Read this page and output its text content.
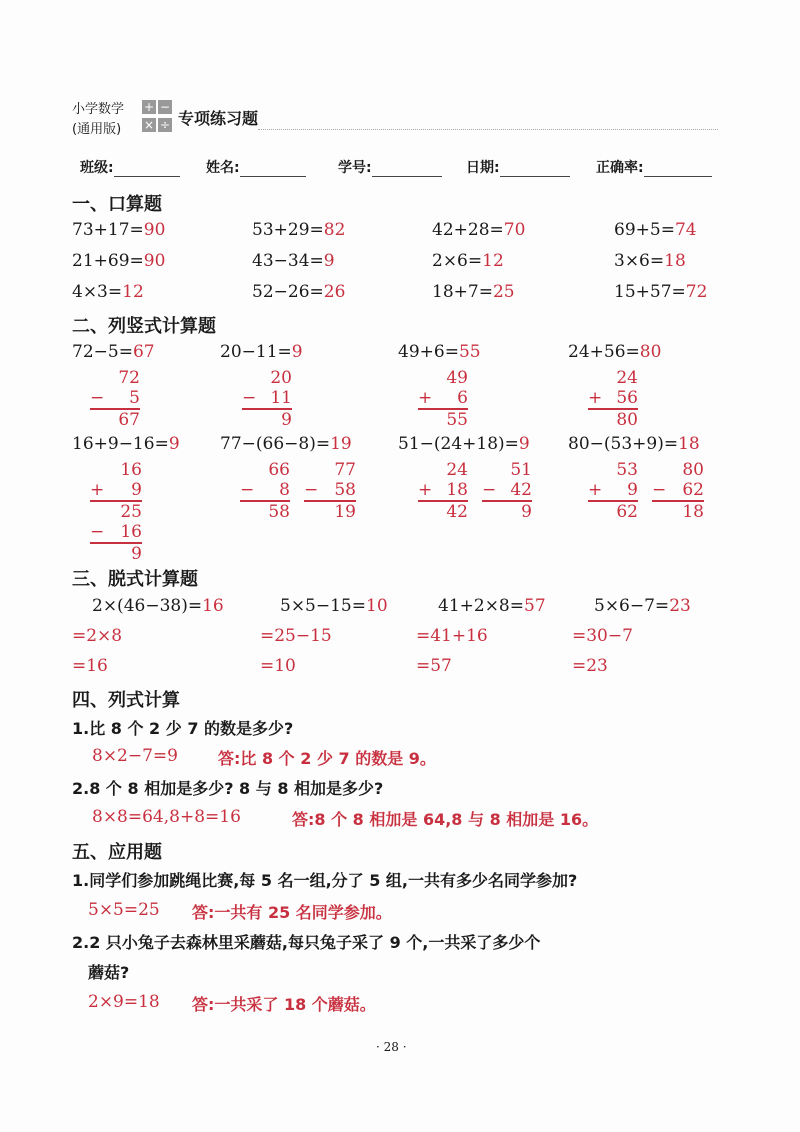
小学数学
(通用版)
+ −
× ÷ 专项练习题
班级:	姓名:	学号:	日期:	正确率:
一、口算题
73+17=90	53+29=82	42+28=70	69+5=74
21+69=90	43−34=9	2×6=12	3×6=18
4×3=12	52−26=26	18+7=25	15+57=72
二、列竖式计算题
72−5=67	20−11=9	49+6=55	24+56=80
72
− 5
67
20
− 11
9
49
+ 6
55
24
+ 56
80
16+9−16=9 77−(66−8)=19	51−(24+18)=9 80−(53+9)=18
16
+ 9
25
− 16
9
66
− 8
58
77
− 58
19
24
+ 18
42
51
− 42
9
53
+ 9
62
80
− 62
18
三、脱式计算题
2×(46−38)=16	5×5−15=10	41+2×8=57	5×6−7=23
=2×8	=25−15	=41+16	=30−7
=16	=10	=57	=23
四、列式计算
1.比 8 个 2 少 7 的数是多少?
8×2−7=9	答:比 8 个 2 少 7 的数是 9。
2.8 个 8 相加是多少? 8 与 8 相加是多少?
8×8=64,8+8=16	答:8 个 8 相加是 64,8 与 8 相加是 16。
五、应用题
1.同学们参加跳绳比赛,每 5 名一组,分了 5 组,一共有多少名同学参加?
5×5=25 答:一共有 25 名同学参加。
2.2 只小兔子去森林里采蘑菇,每只兔子采了 9 个,一共采了多少个
蘑菇?
2×9=18 答:一共采了 18 个蘑菇。
· 28 ·
